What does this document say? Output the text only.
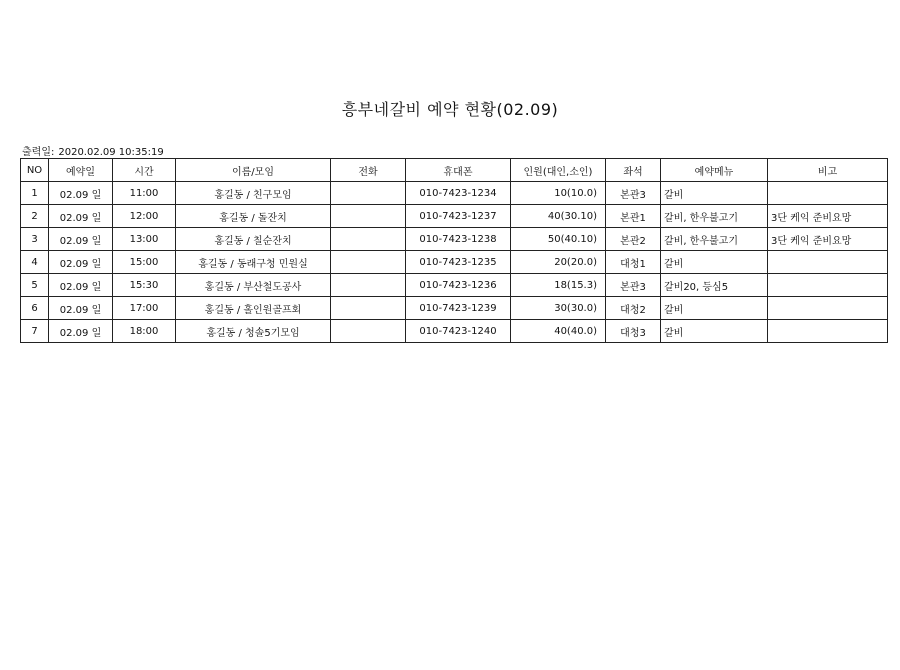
흥부네갈비 예약 현황(02.09)
출력일: 2020.02.09 10:35:19
NO	예약일	시간	이름/모임	전화	휴대폰	인원(대인,소인)	좌석	예약메뉴	비고
1	02.09 일	11:00	홍길동 / 친구모임		010-7423-1234	10(10.0)	본관3	갈비	
2	02.09 일	12:00	홍길동 / 돌잔치		010-7423-1237	40(30.10)	본관1	갈비, 한우불고기	3단 케익 준비요망
3	02.09 일	13:00	홍길동 / 칠순잔치		010-7423-1238	50(40.10)	본관2	갈비, 한우불고기	3단 케익 준비요망
4	02.09 일	15:00	홍길동 / 동래구청 민원실		010-7423-1235	20(20.0)	대청1	갈비	
5	02.09 일	15:30	홍길동 / 부산철도공사		010-7423-1236	18(15.3)	본관3	갈비20, 등심5	
6	02.09 일	17:00	홍길동 / 홀인원골프회		010-7423-1239	30(30.0)	대청2	갈비	
7	02.09 일	18:00	홍길동 / 청솔5기모임		010-7423-1240	40(40.0)	대청3	갈비	
